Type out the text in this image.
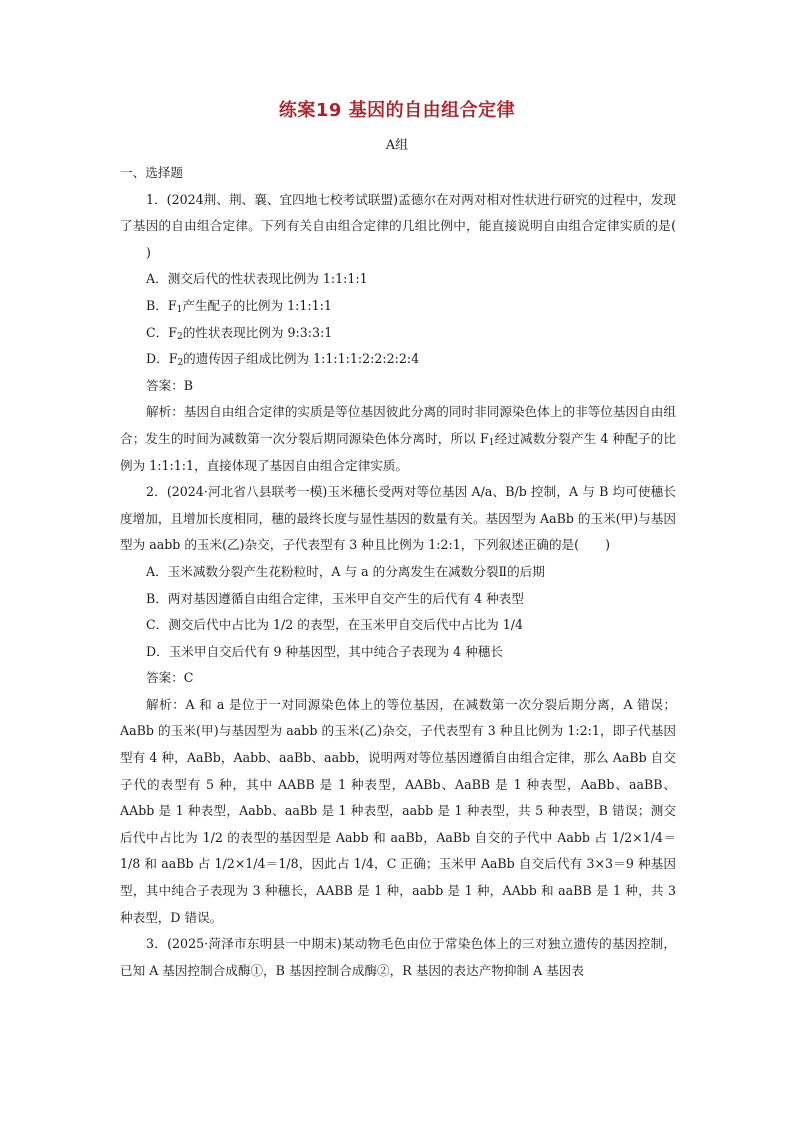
练案19 基因的自由组合定律
A组

一、选择题

1．(2024荆、荆、襄、宜四地七校考试联盟)孟德尔在对两对相对性状进行研究的过程中，发现了基因的自由组合定律。下列有关自由组合定律的几组比例中，能直接说明自由组合定律实质的是()

A．测交后代的性状表现比例为 1:1:1:1

B．$F_1$产生配子的比例为 1:1:1:1

C．$F_2$的性状表现比例为 9:3:3:1

D．$F_2$的遗传因子组成比例为 1:1:1:1:2:2:2:2:4

答案：B

解析：基因自由组合定律的实质是等位基因彼此分离的同时非同源染色体上的非等位基因自由组合；发生的时间为减数第一次分裂后期同源染色体分离时，所以 $F_1$经过减数分裂产生 4 种配子的比例为 1:1:1:1，直接体现了基因自由组合定律实质。

2．(2024·河北省八县联考一模)玉米穗长受两对等位基因 A/a、B/b 控制，A 与 B 均可使穗长度增加，且增加长度相同，穗的最终长度与显性基因的数量有关。基因型为 AaBb 的玉米(甲)与基因型为 aabb 的玉米(乙)杂交，子代表型有 3 种且比例为 1:2:1，下列叙述正确的是( )

A．玉米减数分裂产生花粉粒时，A 与 a 的分离发生在减数分裂Ⅱ的后期

B．两对基因遵循自由组合定律，玉米甲自交产生的后代有 4 种表型

C．测交后代中占比为 1/2 的表型，在玉米甲自交后代中占比为 1/4

D．玉米甲自交后代有 9 种基因型，其中纯合子表现为 4 种穗长

答案：C

解析：A 和 a 是位于一对同源染色体上的等位基因，在减数第一次分裂后期分离，A 错误；AaBb 的玉米(甲)与基因型为 aabb 的玉米(乙)杂交，子代表型有 3 种且比例为 1:2:1，即子代基因型有 4 种，AaBb，Aabb、aaBb、aabb，说明两对等位基因遵循自由组合定律，那么 AaBb 自交子代的表型有 5 种，其中 AABB 是 1 种表型，AABb、AaBB 是 1 种表型，AaBb、aaBB、AAbb 是 1 种表型，Aabb、aaBb 是 1 种表型，aabb 是 1 种表型，共 5 种表型，B 错误；测交后代中占比为 1/2 的表型的基因型是 Aabb 和 aaBb，AaBb 自交的子代中 Aabb 占 1/2×1/4＝1/8 和 aaBb 占 1/2×1/4＝1/8，因此占 1/4，C 正确；玉米甲 AaBb 自交后代有 3×3＝9 种基因型，其中纯合子表现为 3 种穗长，AABB 是 1 种，aabb 是 1 种，AAbb 和 aaBB 是 1 种，共 3 种表型，D 错误。

3．(2025·菏泽市东明县一中期末)某动物毛色由位于常染色体上的三对独立遗传的基因控制，已知 A 基因控制合成酶①，B 基因控制合成酶②，R 基因的表达产物抑制 A 基因表
